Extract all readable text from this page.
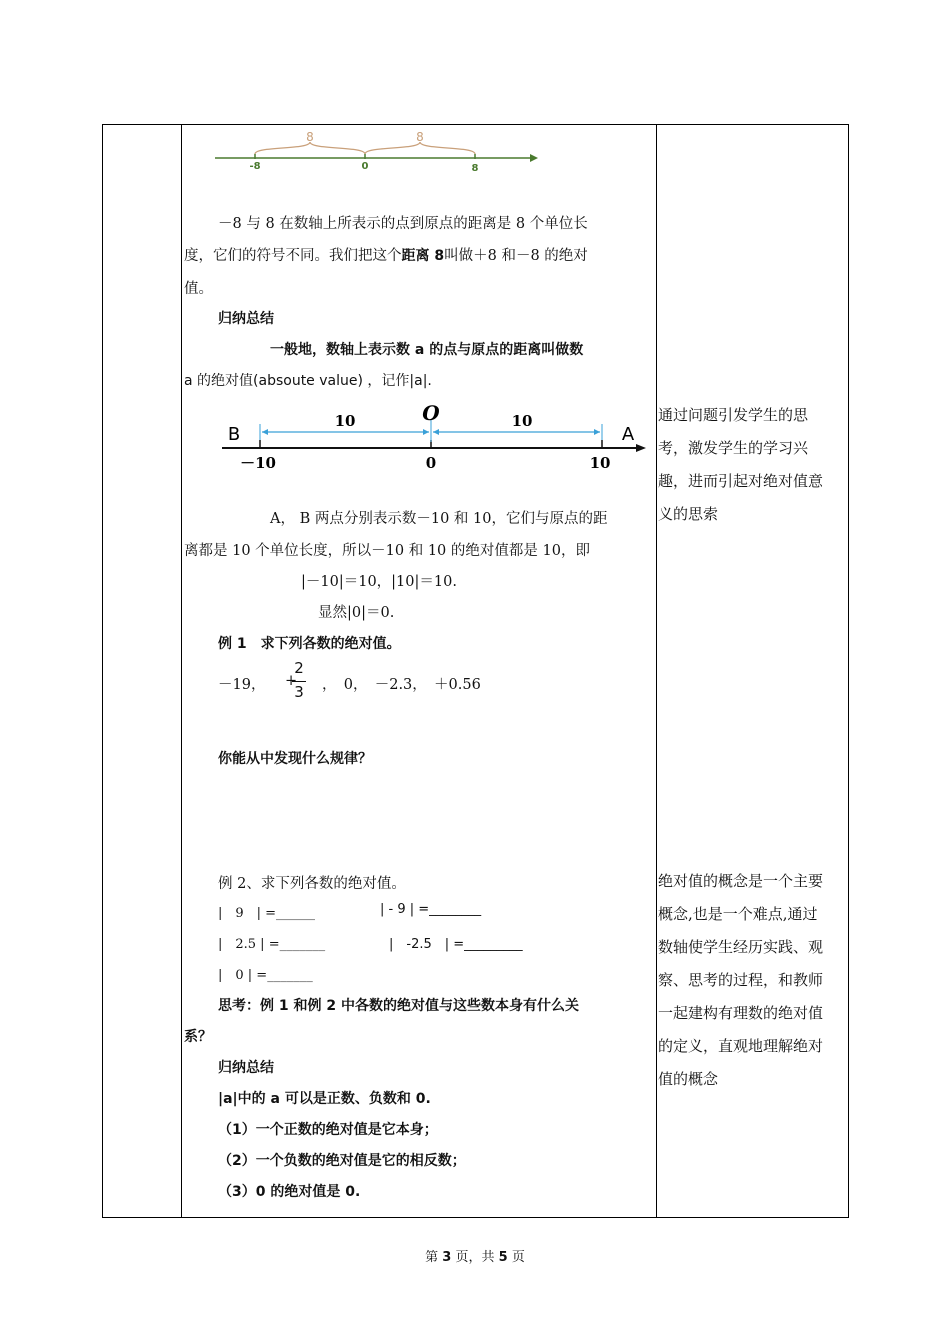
8	8
-8	0	8
－8 与 8 在数轴上所表示的点到原点的距离是 8 个单位长
度，它们的符号不同。我们把这个距离 8叫做＋8 和－8 的绝对
值。
归纳总结
一般地，数轴上表示数 a 的点与原点的距离叫做数
a 的绝对值(absoute value) ，记作|a|.
B	A
O
10	10
－10	0	10
A， B 两点分别表示数－10 和 10，它们与原点的距
离都是 10 个单位长度，所以－10 和 10 的绝对值都是 10，即
|－10|＝10，|10|＝10.
显然|0|＝0.
例 1　求下列各数的绝对值。
－19， +
2
3 ，　0，　－2.3，　＋0.56
你能从中发现什么规律？
例 2、求下列各数的绝对值。
|　9　| =______	| - 9 | =________
|　2.5 | =_______	|　-2.5　| =_________
|　0 | =_______
思考：例 1 和例 2 中各数的绝对值与这些数本身有什么关
系？
归纳总结
|a|中的 a 可以是正数、负数和 0.
（1）一个正数的绝对值是它本身；
（2）一个负数的绝对值是它的相反数；
（3）0 的绝对值是 0.
通过问题引发学生的思
考，激发学生的学习兴
趣，进而引起对绝对值意
义的思索
绝对值的概念是一个主要
概念,也是一个难点,通过
数轴使学生经历实践、观
察、思考的过程，和教师
一起建构有理数的绝对值
的定义，直观地理解绝对
值的概念
第 3 页，共 5 页
